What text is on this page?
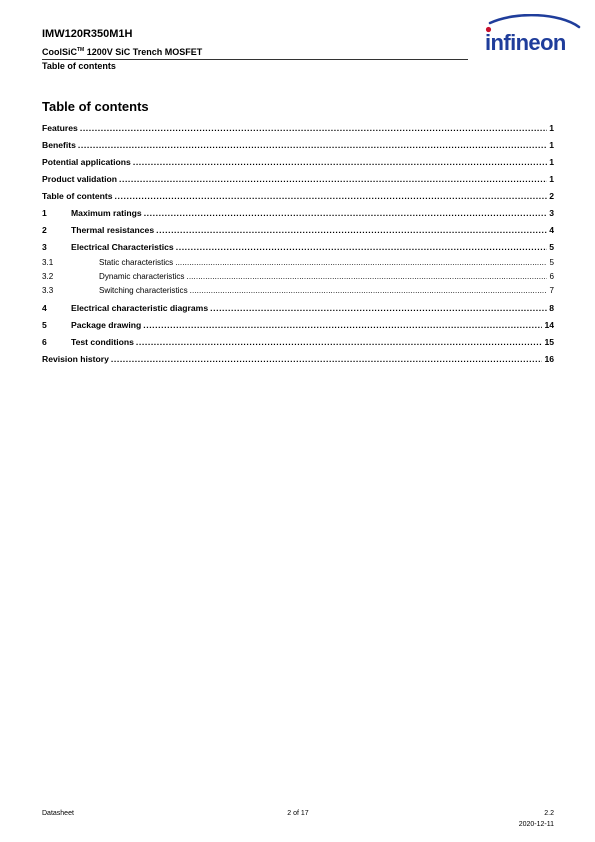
IMW120R350M1H
CoolSiC™ 1200V SiC Trench MOSFET
Table of contents
infineon
Table of contents
Features .....	1
Benefits .....	1
Potential applications .....	1
Product validation .....	1
Table of contents .....	2
1	Maximum ratings .....	3
2	Thermal resistances .....	4
3	Electrical Characteristics .....	5
3.1	Static characteristics .....	5
3.2	Dynamic characteristics .....	6
3.3	Switching characteristics .....	7
4	Electrical characteristic diagrams .....	8
5	Package drawing .....	14
6	Test conditions .....	15
Revision history .....	16
Datasheet	2 of 17	2.2
2020-12-11
